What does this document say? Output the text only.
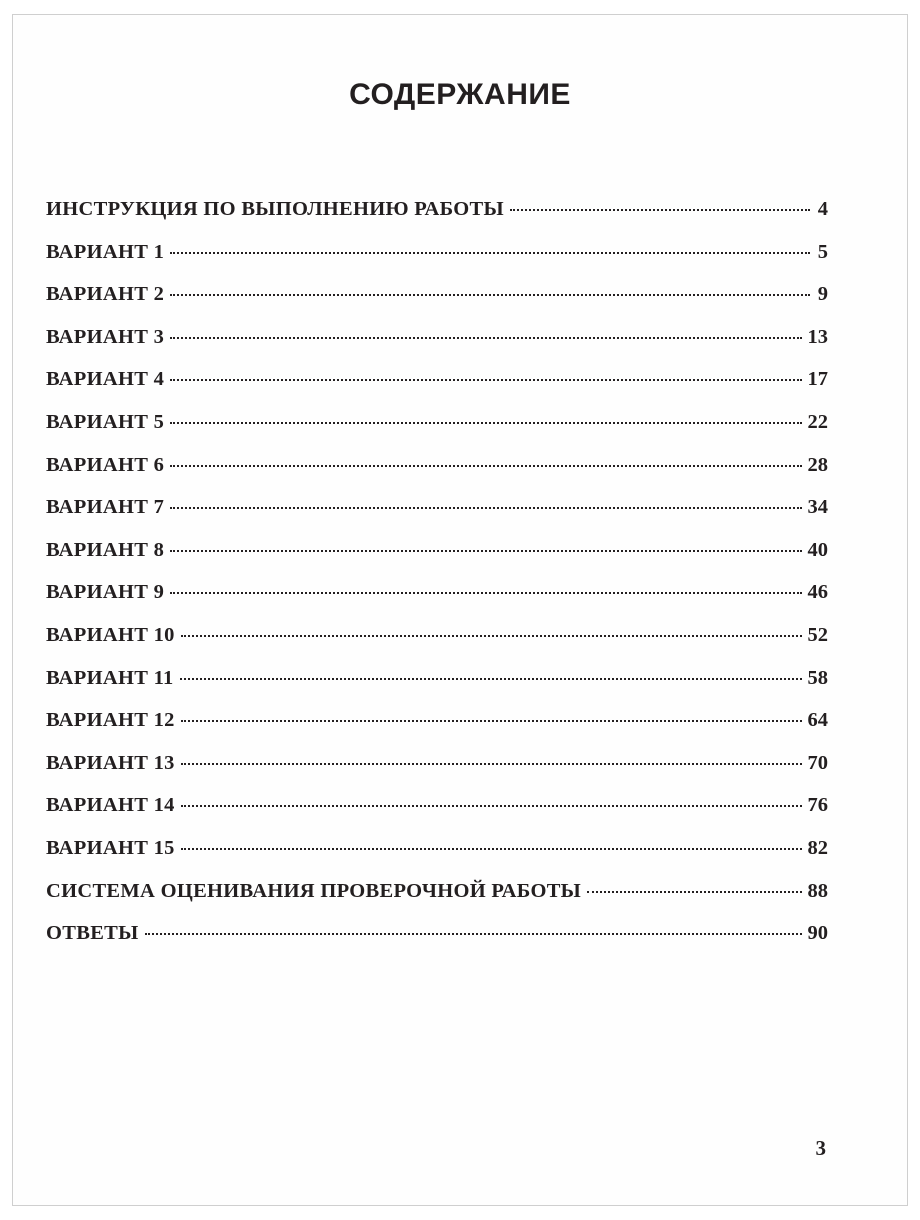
СОДЕРЖАНИЕ
ИНСТРУКЦИЯ ПО ВЫПОЛНЕНИЮ РАБОТЫ	4
ВАРИАНТ 1	5
ВАРИАНТ 2	9
ВАРИАНТ 3	13
ВАРИАНТ 4	17
ВАРИАНТ 5	22
ВАРИАНТ 6	28
ВАРИАНТ 7	34
ВАРИАНТ 8	40
ВАРИАНТ 9	46
ВАРИАНТ 10	52
ВАРИАНТ 11	58
ВАРИАНТ 12	64
ВАРИАНТ 13	70
ВАРИАНТ 14	76
ВАРИАНТ 15	82
СИСТЕМА ОЦЕНИВАНИЯ ПРОВЕРОЧНОЙ РАБОТЫ	88
ОТВЕТЫ	90
3
